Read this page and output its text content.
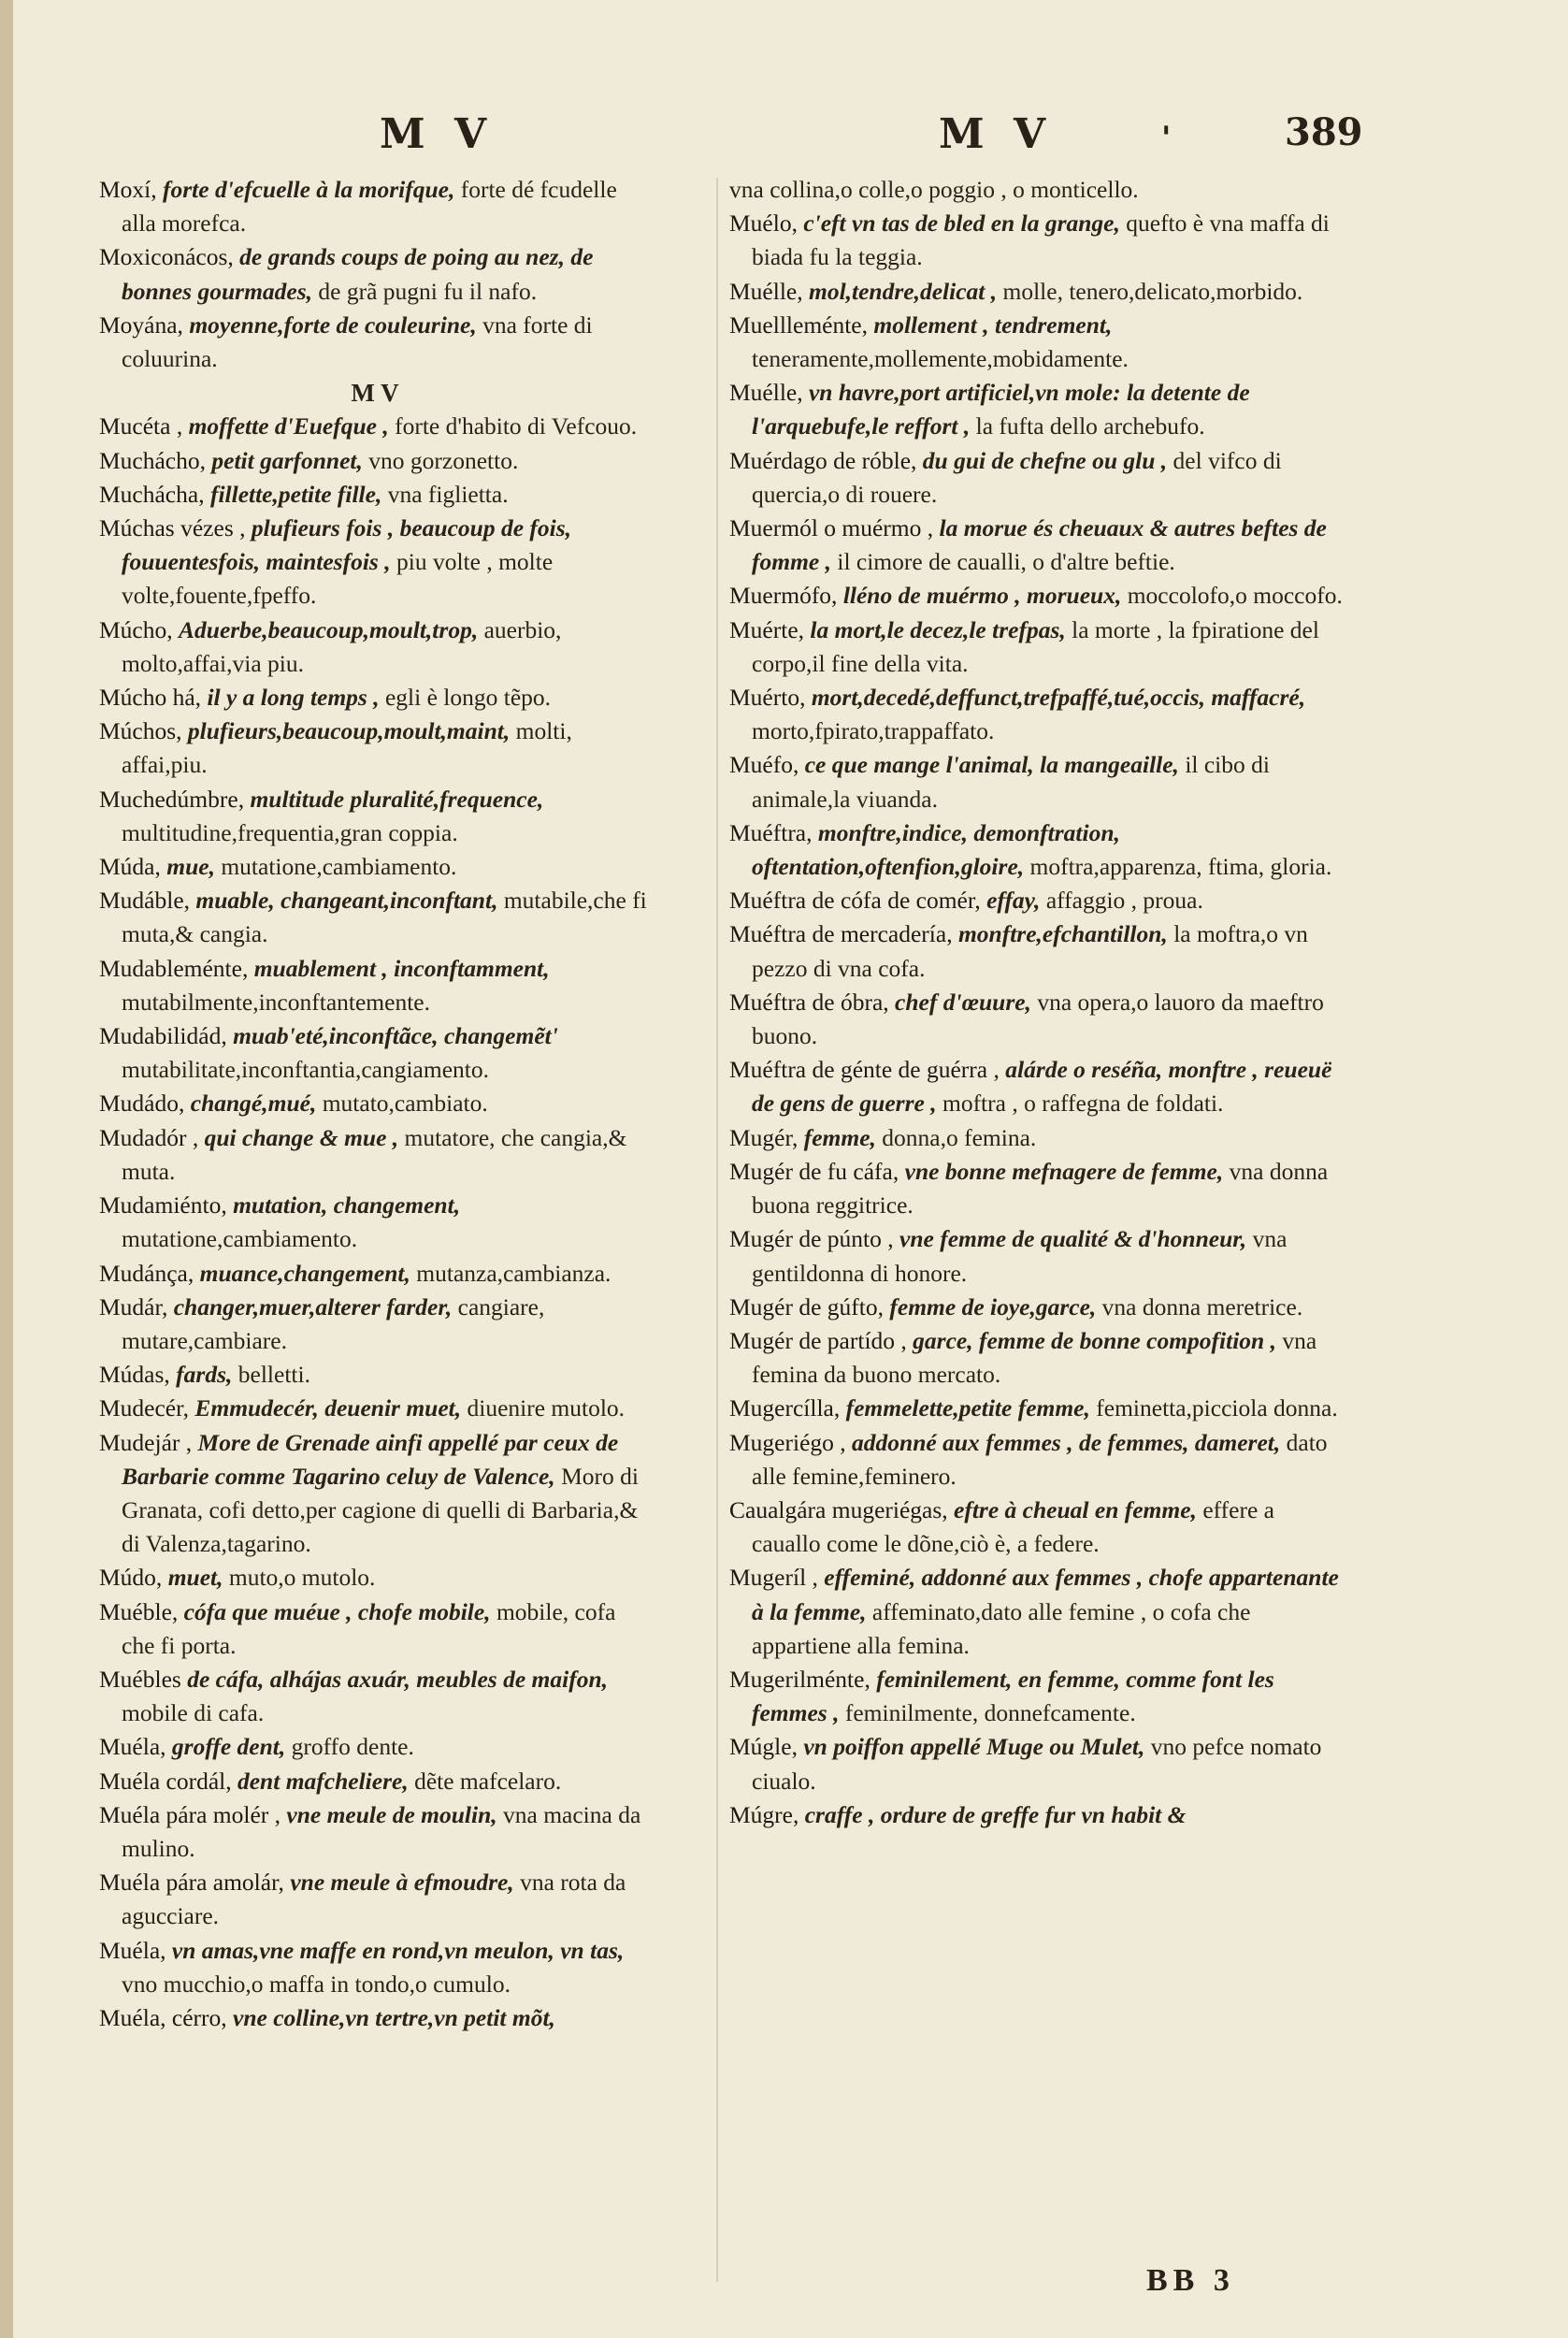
M V	M V	'	389

Moxí, forte d'efcuelle à la morifque, forte dé fcudelle alla morefca.

Moxiconácos, de grands coups de poing au nez, de bonnes gourmades, de grã pugni fu il nafo.

Moyána, moyenne,forte de couleurine, vna forte di coluurina.

M V

Mucéta , moffette d'Euefque , forte d'habito di Vefcouo.

Muchácho, petit garfonnet, vno gorzonetto.

Muchácha, fillette,petite fille, vna figlietta.

Múchas vézes , plufieurs fois , beaucoup de fois, fouuentesfois, maintesfois , piu volte , molte volte,fouente,fpeffo.

Múcho, Aduerbe,beaucoup,moult,trop, auerbio, molto,affai,via piu.

Múcho há, il y a long temps , egli è longo tẽpo.

Múchos, plufieurs,beaucoup,moult,maint, molti, affai,piu.

Muchedúmbre, multitude pluralité,frequence, multitudine,frequentia,gran coppia.

Múda, mue, mutatione,cambiamento.

Mudáble, muable, changeant,inconftant, mutabile,che fi muta,& cangia.

Mudableménte, muablement , inconftamment, mutabilmente,inconftantemente.

Mudabilidád, muab'eté,inconftãce, changemẽt' mutabilitate,inconftantia,cangiamento.

Mudádo, changé,mué, mutato,cambiato.

Mudadór , qui change & mue , mutatore, che cangia,& muta.

Mudamiénto, mutation, changement, mutatione,cambiamento.

Mudánça, muance,changement, mutanza,cambianza.

Mudár, changer,muer,alterer farder, cangiare, mutare,cambiare.

Múdas, fards, belletti.

Mudecér, Emmudecér, deuenir muet, diuenire mutolo.

Mudejár , More de Grenade ainfi appellé par ceux de Barbarie comme Tagarino celuy de Valence, Moro di Granata, cofi detto,per cagione di quelli di Barbaria,& di Valenza,tagarino.

Múdo, muet, muto,o mutolo.

Muéble, cófa que muéue , chofe mobile, mobile, cofa che fi porta.

Muébles de cáfa, alhájas axuár, meubles de maifon, mobile di cafa.

Muéla, groffe dent, groffo dente.

Muéla cordál, dent mafcheliere, dẽte mafcelaro.

Muéla pára molér , vne meule de moulin, vna macina da mulino.

Muéla pára amolár, vne meule à efmoudre, vna rota da agucciare.

Muéla, vn amas,vne maffe en rond,vn meulon, vn tas, vno mucchio,o maffa in tondo,o cumulo.

Muéla, cérro, vne colline,vn tertre,vn petit mõt,

vna collina,o colle,o poggio , o monticello.

Muélo, c'eft vn tas de bled en la grange, quefto è vna maffa di biada fu la teggia.

Muélle, mol,tendre,delicat , molle, tenero,delicato,morbido.

Muellleménte, mollement , tendrement, teneramente,mollemente,mobidamente.

Muélle, vn havre,port artificiel,vn mole: la detente de l'arquebufe,le reffort , la fufta dello archebufo.

Muérdago de róble, du gui de chefne ou glu , del vifco di quercia,o di rouere.

Muermól o muérmo , la morue és cheuaux & autres beftes de fomme , il cimore de caualli, o d'altre beftie.

Muermófo, lléno de muérmo , morueux, moccolofo,o moccofo.

Muérte, la mort,le decez,le trefpas, la morte , la fpiratione del corpo,il fine della vita.

Muérto, mort,decedé,deffunct,trefpaffé,tué,occis, maffacré, morto,fpirato,trappaffato.

Muéfo, ce que mange l'animal, la mangeaille, il cibo di animale,la viuanda.

Muéftra, monftre,indice, demonftration, oftentation,oftenfion,gloire, moftra,apparenza, ftima, gloria.

Muéftra de cófa de comér, effay, affaggio , proua.

Muéftra de mercadería, monftre,efchantillon, la moftra,o vn pezzo di vna cofa.

Muéftra de óbra, chef d'œuure, vna opera,o lauoro da maeftro buono.

Muéftra de génte de guérra , alárde o reséña, monftre , reueuë de gens de guerre , moftra , o raffegna de foldati.

Mugér, femme, donna,o femina.

Mugér de fu cáfa, vne bonne mefnagere de femme, vna donna buona reggitrice.

Mugér de púnto , vne femme de qualité & d'honneur, vna gentildonna di honore.

Mugér de gúfto, femme de ioye,garce, vna donna meretrice.

Mugér de partído , garce, femme de bonne compofition , vna femina da buono mercato.

Mugercílla, femmelette,petite femme, feminetta,picciola donna.

Mugeriégo , addonné aux femmes , de femmes, dameret, dato alle femine,feminero.

Caualgára mugeriégas, eftre à cheual en femme, effere a cauallo come le dõne,ciò è, a federe.

Mugeríl , effeminé, addonné aux femmes , chofe appartenante à la femme, affeminato,dato alle femine , o cofa che appartiene alla femina.

Mugerilménte, feminilement, en femme, comme font les femmes , feminilmente, donnefcamente.

Múgle, vn poiffon appellé Muge ou Mulet, vno pefce nomato ciualo.

Múgre, craffe , ordure de greffe fur vn habit &

BB 3
